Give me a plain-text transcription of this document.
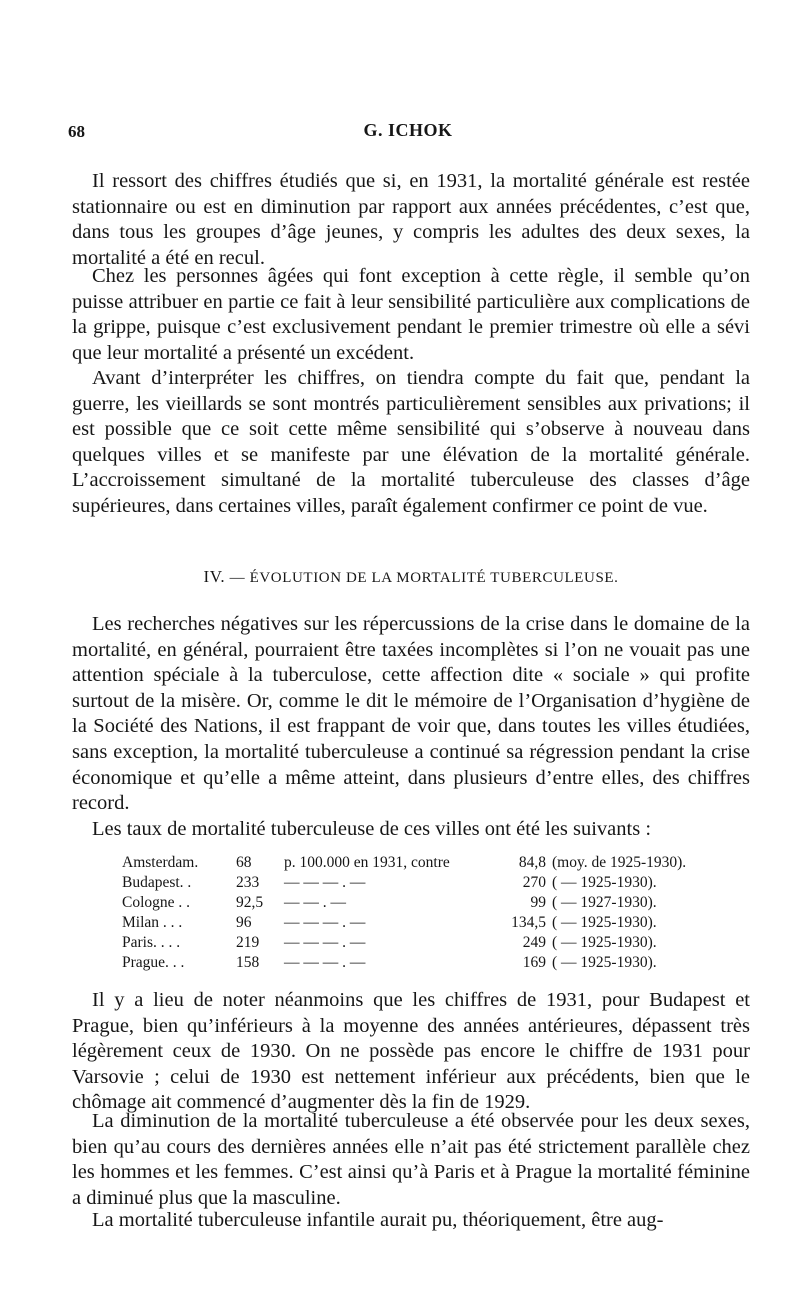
68	G. ICHOK

Il ressort des chiffres étudiés que si, en 1931, la mortalité générale est restée stationnaire ou est en diminution par rapport aux années précédentes, c’est que, dans tous les groupes d’âge jeunes, y compris les adultes des deux sexes, la mortalité a été en recul.

Chez les personnes âgées qui font exception à cette règle, il semble qu’on puisse attribuer en partie ce fait à leur sensibilité particulière aux complications de la grippe, puisque c’est exclusivement pendant le premier trimestre où elle a sévi que leur mortalité a présenté un excédent.

Avant d’interpréter les chiffres, on tiendra compte du fait que, pendant la guerre, les vieillards se sont montrés particulièrement sensibles aux privations; il est possible que ce soit cette même sensibilité qui s’observe à nouveau dans quelques villes et se manifeste par une élévation de la mortalité générale. L’accroissement simultané de la mortalité tuberculeuse des classes d’âge supérieures, dans certaines villes, paraît également confirmer ce point de vue.

IV. — ÉVOLUTION DE LA MORTALITÉ TUBERCULEUSE.

Les recherches négatives sur les répercussions de la crise dans le domaine de la mortalité, en général, pourraient être taxées incomplètes si l’on ne vouait pas une attention spéciale à la tuberculose, cette affection dite « sociale » qui profite surtout de la misère. Or, comme le dit le mémoire de l’Organisation d’hygiène de la Société des Nations, il est frappant de voir que, dans toutes les villes étudiées, sans exception, la mortalité tuberculeuse a continué sa régression pendant la crise économique et qu’elle a même atteint, dans plusieurs d’entre elles, des chiffres record.

Les taux de mortalité tuberculeuse de ces villes ont été les suivants :

Amsterdam.	68	p. 100.000 en 1931, contre	84,8	(moy. de 1925-1930).
Budapest. .	233	— — — . —	270	( — 1925-1930).
Cologne . .	92,5	— — . —	99	( — 1927-1930).
Milan . . .	96	— — — . —	134,5	( — 1925-1930).
Paris. . . .	219	— — — . —	249	( — 1925-1930).
Prague. . .	158	— — — . —	169	( — 1925-1930).

Il y a lieu de noter néanmoins que les chiffres de 1931, pour Budapest et Prague, bien qu’inférieurs à la moyenne des années antérieures, dépassent très légèrement ceux de 1930. On ne possède pas encore le chiffre de 1931 pour Varsovie ; celui de 1930 est nettement inférieur aux précédents, bien que le chômage ait commencé d’augmenter dès la fin de 1929.

La diminution de la mortalité tuberculeuse a été observée pour les deux sexes, bien qu’au cours des dernières années elle n’ait pas été strictement parallèle chez les hommes et les femmes. C’est ainsi qu’à Paris et à Prague la mortalité féminine a diminué plus que la masculine.

La mortalité tuberculeuse infantile aurait pu, théoriquement, être aug-
